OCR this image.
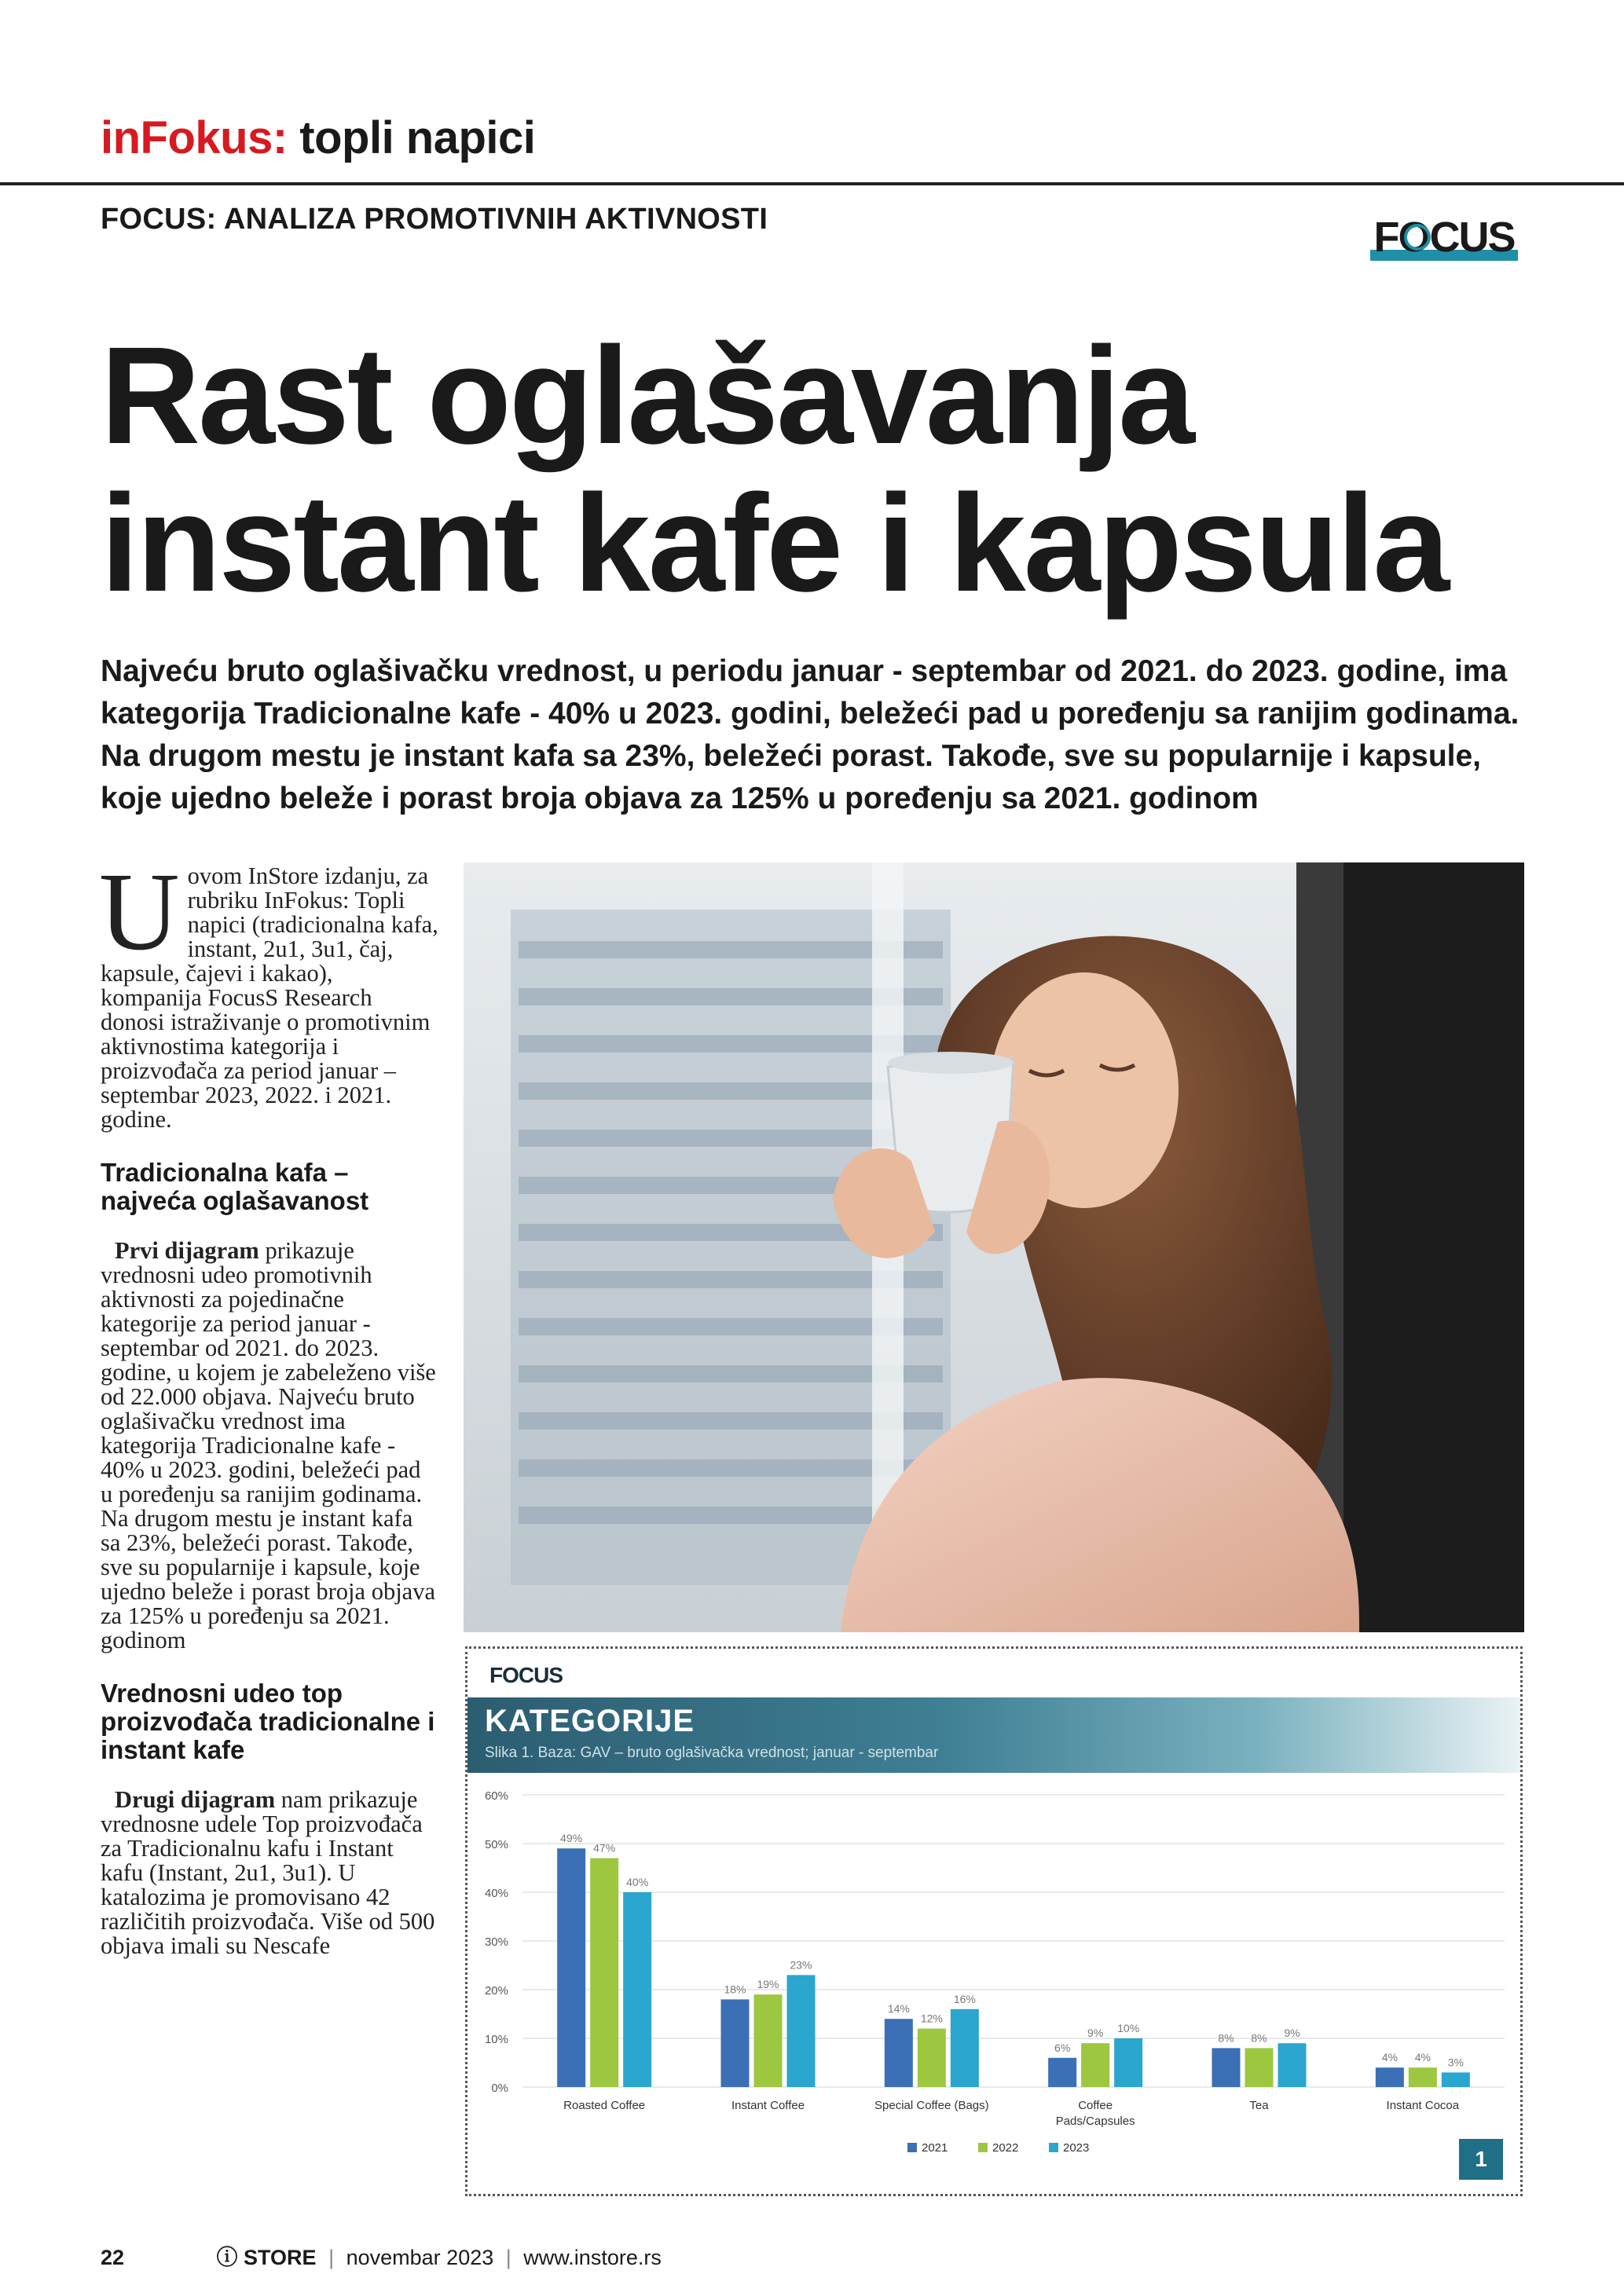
inFokus: topli napici
FOCUS: ANALIZA PROMOTIVNIH AKTIVNOSTI	FOCUS
Rast oglašavanja
instant kafe i kapsula
Najveću bruto oglašivačku vrednost, u periodu januar - septembar od 2021. do 2023. godine, ima kategorija Tradicionalne kafe - 40% u 2023. godini, beležeći pad u poređenju sa ranijim godinama. Na drugom mestu je instant kafa sa 23%, beležeći porast. Takođe, sve su popularnije i kapsule, koje ujedno beleže i porast broja objava za 125% u poređenju sa 2021. godinom
U ovom InStore izdanju, za rubriku InFokus: Topli napici (tradicionalna kafa, instant, 2u1, 3u1, čaj, kapsule, čajevi i kakao), kompanija FocusS Research donosi istraživanje o promotivnim aktivnostima kategorija i proizvođača za period januar – septembar 2023, 2022. i 2021. godine.
Tradicionalna kafa – najveća oglašavanost

Prvi dijagram prikazuje vrednosni udeo promotivnih aktivnosti za pojedinačne kategorije za period januar - septembar od 2021. do 2023. godine, u kojem je zabeleženo više od 22.000 objava. Najveću bruto oglašivačku vrednost ima kategorija Tradicionalne kafe - 40% u 2023. godini, beležeći pad u poređenju sa ranijim godinama. Na drugom mestu je instant kafa sa 23%, beležeći porast. Takođe, sve su popularnije i kapsule, koje ujedno beleže i porast broja objava za 125% u poređenju sa 2021. godinom

Vrednosni udeo top proizvođača tradicionalne i instant kafe

Drugi dijagram nam prikazuje vrednosne udele Top proizvođača za Tradicionalnu kafu i Instant kafu (Instant, 2u1, 3u1). U katalozima je promovisano 42 različitih proizvođača. Više od 500 objava imali su Nescafe

FOCUS
KATEGORIJE
Slika 1. Baza: GAV – bruto oglašivačka vrednost; januar - septembar
0%
10%
20%
30%
40%
50%
60%
49%
47%
40%
Roasted Coffee
18% 19%
23%
Instant Coffee
14%
12%
16%
Special Coffee (Bags)
6%
9% 10%
Coffee
Pads/Capsules
8% 8% 9%
Tea
4% 4% 3%
Instant Cocoa
2021	2022	2023	1
22	ⓘ STORE | novembar 2023 | www.instore.rs
